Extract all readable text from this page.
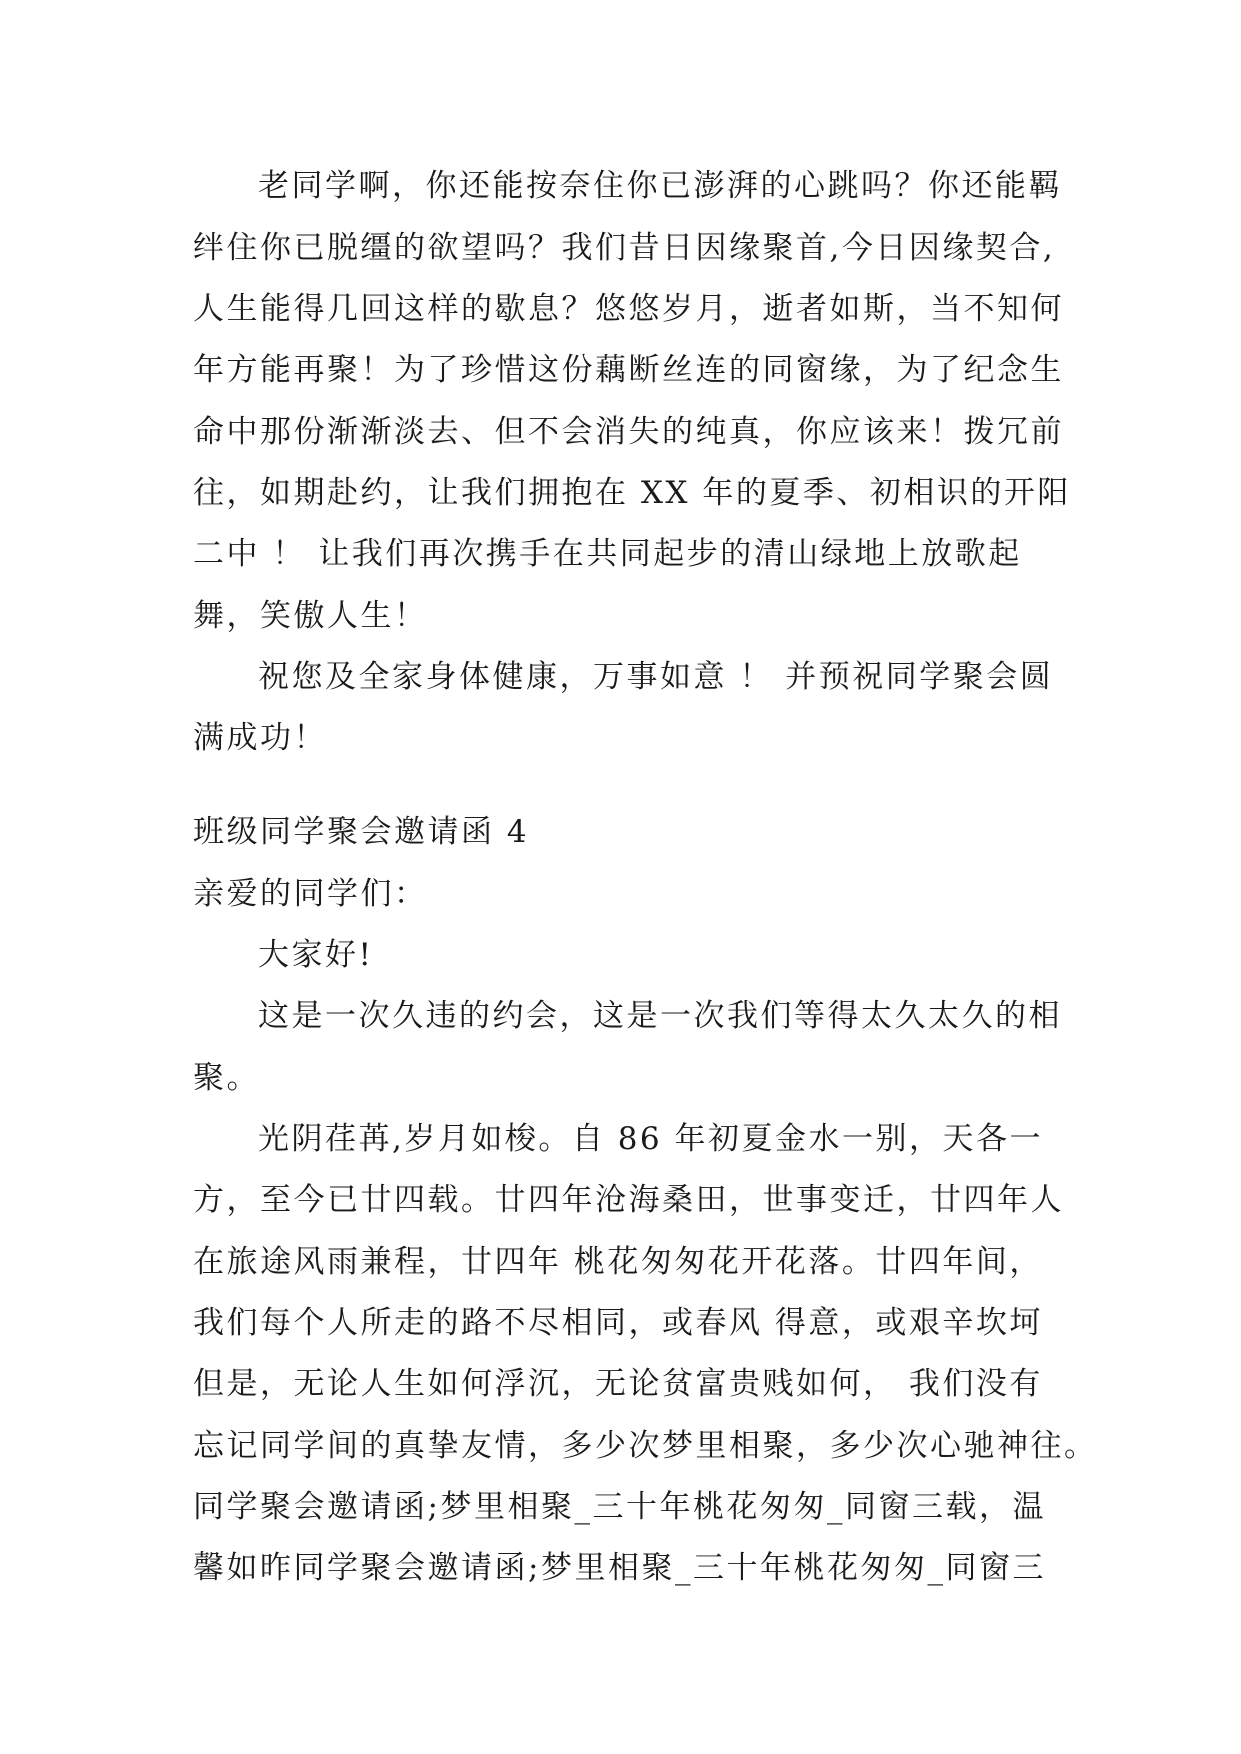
老同学啊，你还能按奈住你已澎湃的心跳吗？你还能羁
绊住你已脱缰的欲望吗？我们昔日因缘聚首,今日因缘契合,
人生能得几回这样的歇息？悠悠岁月，逝者如斯，当不知何
年方能再聚！为了珍惜这份藕断丝连的同窗缘，为了纪念生
命中那份渐渐淡去、但不会消失的纯真，你应该来！拨冗前
往，如期赴约，让我们拥抱在 XX 年的夏季、初相识的开阳
二中 ！ 让我们再次携手在共同起步的清山绿地上放歌起
舞，笑傲人生！
祝您及全家身体健康，万事如意 ！ 并预祝同学聚会圆
满成功！
班级同学聚会邀请函 4
亲爱的同学们：
大家好!
这是一次久违的约会，这是一次我们等得太久太久的相
聚。
光阴荏苒,岁月如梭。自 86 年初夏金水一别，天各一
方，至今已廿四载。廿四年沧海桑田，世事变迁，廿四年人
在旅途风雨兼程，廿四年 桃花匆匆花开花落。廿四年间，
我们每个人所走的路不尽相同，或春风 得意，或艰辛坎坷
但是，无论人生如何浮沉，无论贫富贵贱如何， 我们没有
忘记同学间的真挚友情，多少次梦里相聚，多少次心驰神往。
同学聚会邀请函;梦里相聚_三十年桃花匆匆_同窗三载，温
馨如昨同学聚会邀请函;梦里相聚_三十年桃花匆匆_同窗三
